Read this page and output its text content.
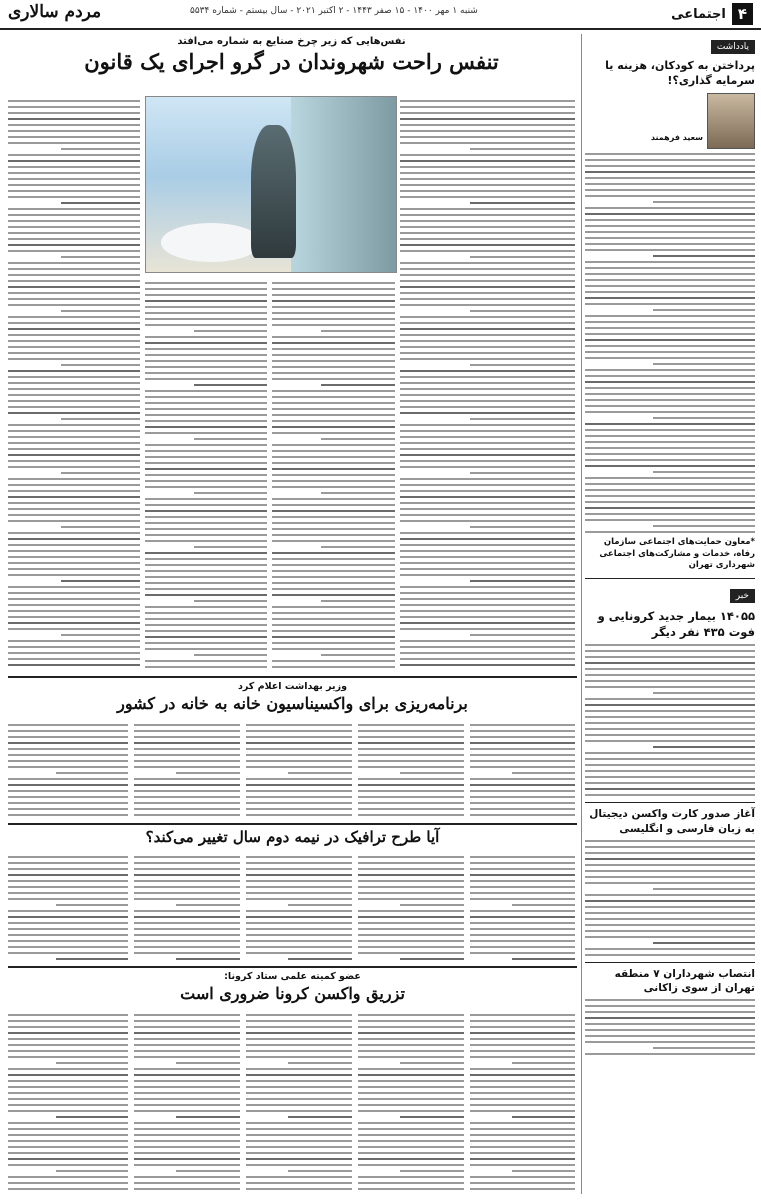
۴
اجتماعی
شنبه ۱ مهر ۱۴۰۰ - ۱۵ صفر ۱۴۴۳ - ۲ اکتبر ۲۰۲۱ - سال بیستم - شماره ۵۵۳۴
مردم سالاری
یادداشت
پرداختن به کودکان، هزینه یا سرمایه گذاری؟!
سعید فرهمند
*معاون حمایت‌های اجتماعی سازمان رفاه، خدمات و مشارکت‌های اجتماعی شهرداری تهران
خبر
۱۴۰۵۵ بیمار جدید کرونایی و فوت ۴۳۵ نفر دیگر
آغاز صدور کارت واکسن دیجیتال به زبان فارسی و انگلیسی
انتصاب شهرداران ۷ منطقه تهران از سوی زاکانی
نفس‌هایی که زیر چرخ صنایع به شماره می‌افتد
تنفس راحت شهروندان در گرو اجرای یک قانون
وزیر بهداشت اعلام کرد
برنامه‌ریزی برای واکسیناسیون خانه به خانه در کشور
آیا طرح ترافیک در نیمه دوم سال تغییر می‌کند؟
عضو کمیته علمی ستاد کرونا:
تزریق واکسن کرونا ضروری است
